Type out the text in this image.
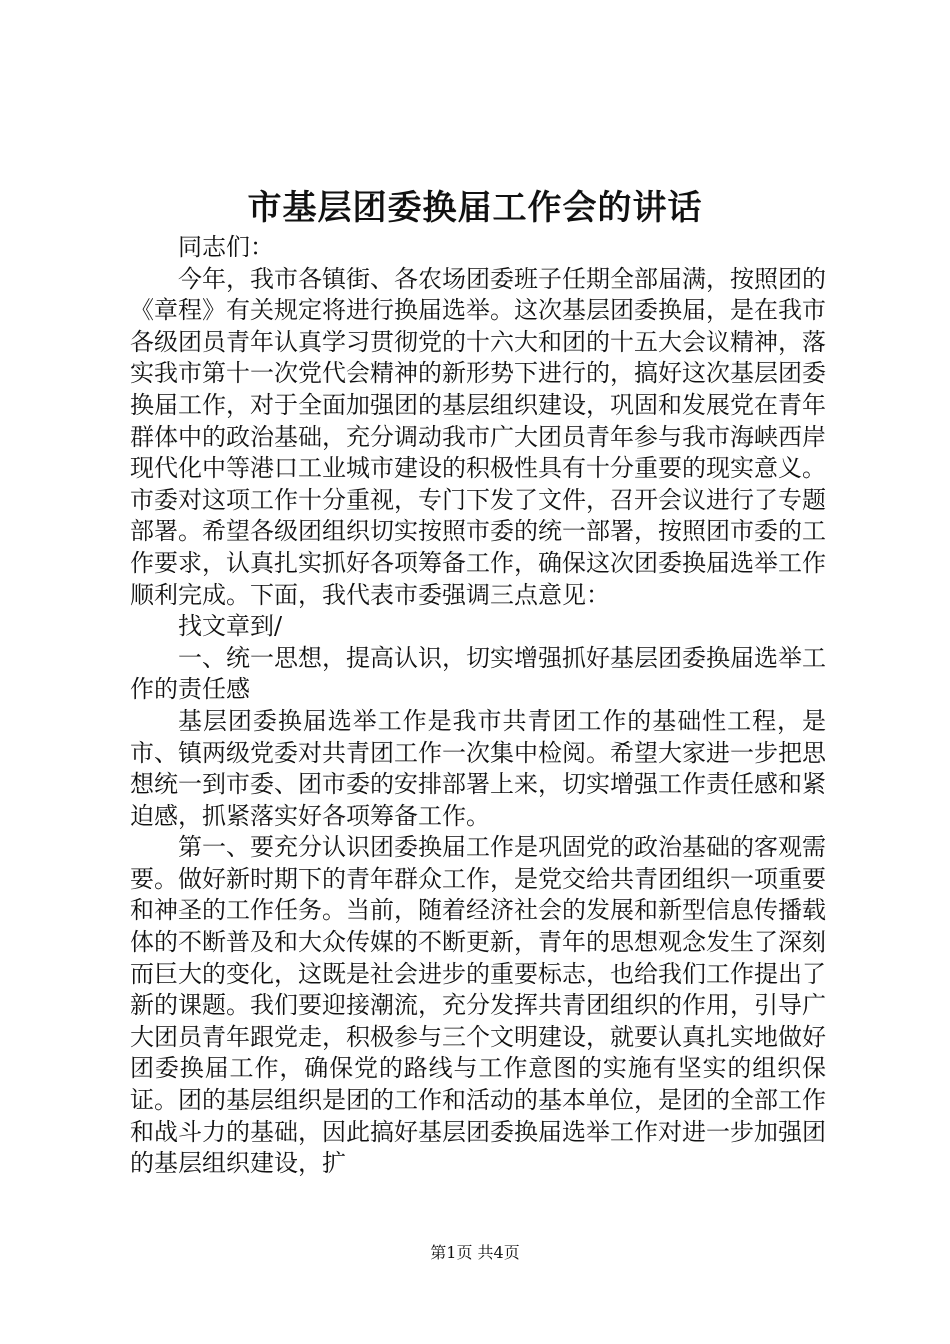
市基层团委换届工作会的讲话

同志们：

今年，我市各镇街、各农场团委班子任期全部届满，按照团的《章程》有关规定将进行换届选举。这次基层团委换届，是在我市各级团员青年认真学习贯彻党的十六大和团的十五大会议精神，落实我市第十一次党代会精神的新形势下进行的，搞好这次基层团委换届工作，对于全面加强团的基层组织建设，巩固和发展党在青年群体中的政治基础，充分调动我市广大团员青年参与我市海峡西岸现代化中等港口工业城市建设的积极性具有十分重要的现实意义。市委对这项工作十分重视，专门下发了文件，召开会议进行了专题部署。希望各级团组织切实按照市委的统一部署，按照团市委的工作要求，认真扎实抓好各项筹备工作，确保这次团委换届选举工作顺利完成。下面，我代表市委强调三点意见：

找文章到/

一、统一思想，提高认识，切实增强抓好基层团委换届选举工作的责任感

基层团委换届选举工作是我市共青团工作的基础性工程，是市、镇两级党委对共青团工作一次集中检阅。希望大家进一步把思想统一到市委、团市委的安排部署上来，切实增强工作责任感和紧迫感，抓紧落实好各项筹备工作。

第一、要充分认识团委换届工作是巩固党的政治基础的客观需要。做好新时期下的青年群众工作，是党交给共青团组织一项重要和神圣的工作任务。当前，随着经济社会的发展和新型信息传播载体的不断普及和大众传媒的不断更新，青年的思想观念发生了深刻而巨大的变化，这既是社会进步的重要标志，也给我们工作提出了新的课题。我们要迎接潮流，充分发挥共青团组织的作用，引导广大团员青年跟党走，积极参与三个文明建设，就要认真扎实地做好团委换届工作，确保党的路线与工作意图的实施有坚实的组织保证。团的基层组织是团的工作和活动的基本单位，是团的全部工作和战斗力的基础，因此搞好基层团委换届选举工作对进一步加强团的基层组织建设，扩

第1页 共4页
